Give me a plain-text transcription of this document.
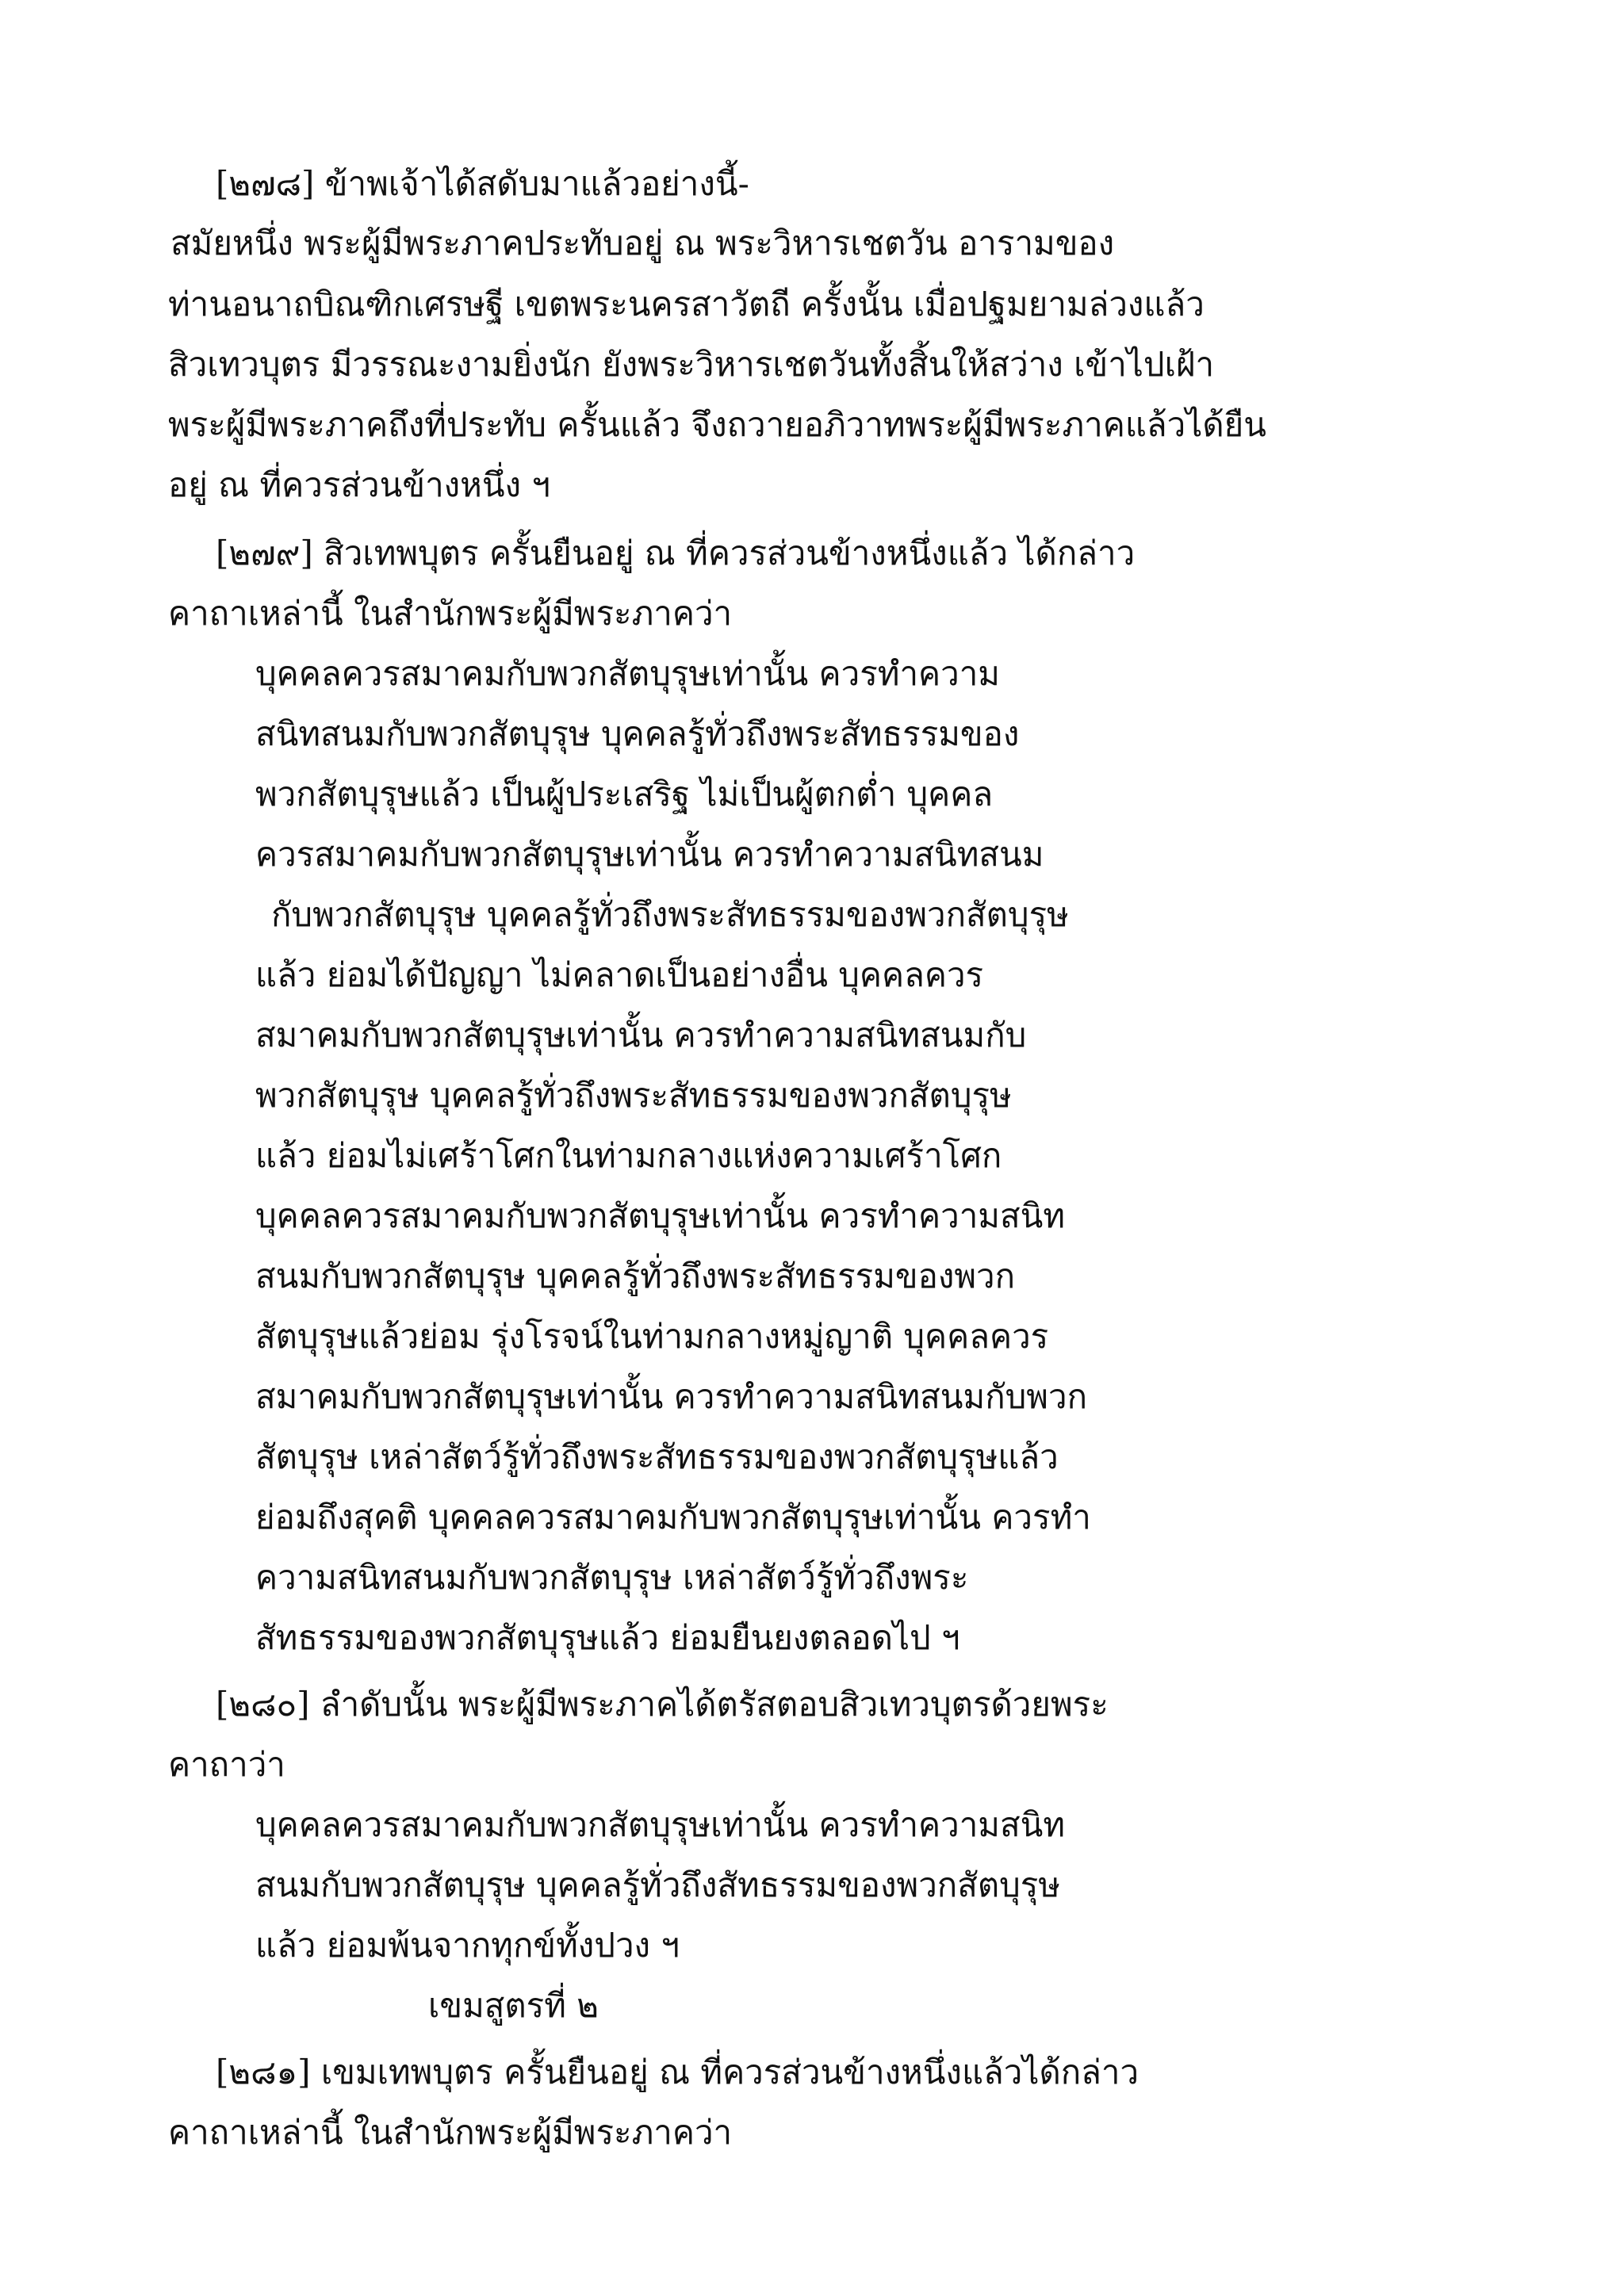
[๒๗๘] ข้าพเจ้าได้สดับมาแล้วอย่างนี้-
สมัยหนึ่ง พระผู้มีพระภาคประทับอยู่ ณ พระวิหารเชตวัน อารามของ
ท่านอนาถบิณฑิกเศรษฐี เขตพระนครสาวัตถี ครั้งนั้น เมื่อปฐมยามล่วงแล้ว
สิวเทวบุตร มีวรรณะงามยิ่งนัก ยังพระวิหารเชตวันทั้งสิ้นให้สว่าง เข้าไปเฝ้า
พระผู้มีพระภาคถึงที่ประทับ ครั้นแล้ว จึงถวายอภิวาทพระผู้มีพระภาคแล้วได้ยืน
อยู่ ณ ที่ควรส่วนข้างหนึ่ง ฯ
[๒๗๙] สิวเทพบุตร ครั้นยืนอยู่ ณ ที่ควรส่วนข้างหนึ่งแล้ว ได้กล่าว
คาถาเหล่านี้ ในสำนักพระผู้มีพระภาคว่า
บุคคลควรสมาคมกับพวกสัตบุรุษเท่านั้น ควรทำความ
สนิทสนมกับพวกสัตบุรุษ บุคคลรู้ทั่วถึงพระสัทธรรมของ
พวกสัตบุรุษแล้ว เป็นผู้ประเสริฐ ไม่เป็นผู้ตกต่ำ บุคคล
ควรสมาคมกับพวกสัตบุรุษเท่านั้น ควรทำความสนิทสนม
กับพวกสัตบุรุษ บุคคลรู้ทั่วถึงพระสัทธรรมของพวกสัตบุรุษ
แล้ว ย่อมได้ปัญญา ไม่คลาดเป็นอย่างอื่น บุคคลควร
สมาคมกับพวกสัตบุรุษเท่านั้น ควรทำความสนิทสนมกับ
พวกสัตบุรุษ บุคคลรู้ทั่วถึงพระสัทธรรมของพวกสัตบุรุษ
แล้ว ย่อมไม่เศร้าโศกในท่ามกลางแห่งความเศร้าโศก
บุคคลควรสมาคมกับพวกสัตบุรุษเท่านั้น ควรทำความสนิท
สนมกับพวกสัตบุรุษ บุคคลรู้ทั่วถึงพระสัทธรรมของพวก
สัตบุรุษแล้วย่อม รุ่งโรจน์ในท่ามกลางหมู่ญาติ บุคคลควร
สมาคมกับพวกสัตบุรุษเท่านั้น ควรทำความสนิทสนมกับพวก
สัตบุรุษ เหล่าสัตว์รู้ทั่วถึงพระสัทธรรมของพวกสัตบุรุษแล้ว
ย่อมถึงสุคติ บุคคลควรสมาคมกับพวกสัตบุรุษเท่านั้น ควรทำ
ความสนิทสนมกับพวกสัตบุรุษ เหล่าสัตว์รู้ทั่วถึงพระ
สัทธรรมของพวกสัตบุรุษแล้ว ย่อมยืนยงตลอดไป ฯ
[๒๘๐] ลำดับนั้น พระผู้มีพระภาคได้ตรัสตอบสิวเทวบุตรด้วยพระ
คาถาว่า
บุคคลควรสมาคมกับพวกสัตบุรุษเท่านั้น ควรทำความสนิท
สนมกับพวกสัตบุรุษ บุคคลรู้ทั่วถึงสัทธรรมของพวกสัตบุรุษ
แล้ว ย่อมพ้นจากทุกข์ทั้งปวง ฯ
เขมสูตรที่ ๒
[๒๘๑] เขมเทพบุตร ครั้นยืนอยู่ ณ ที่ควรส่วนข้างหนึ่งแล้วได้กล่าว
คาถาเหล่านี้ ในสำนักพระผู้มีพระภาคว่า
